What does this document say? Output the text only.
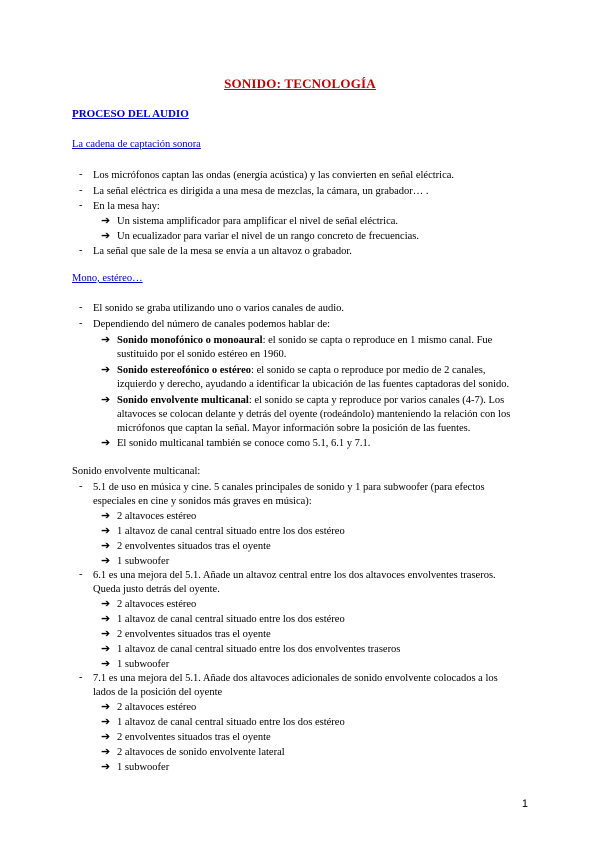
SONIDO: TECNOLOGÍA
PROCESO DEL AUDIO
La cadena de captación sonora
- Los micrófonos captan las ondas (energía acústica) y las convierten en señal eléctrica.
- La señal eléctrica es dirigida a una mesa de mezclas, la cámara, un grabador… .
- En la mesa hay:
➔ Un sistema amplificador para amplificar el nivel de señal eléctrica.
➔ Un ecualizador para variar el nivel de un rango concreto de frecuencias.
- La señal que sale de la mesa se envía a un altavoz o grabador.
Mono, estéreo…
- El sonido se graba utilizando uno o varios canales de audio.
- Dependiendo del número de canales podemos hablar de:
➔ Sonido monofónico o monoaural: el sonido se capta o reproduce en 1 mismo canal. Fue
sustituido por el sonido estéreo en 1960.
➔ Sonido estereofónico o estéreo: el sonido se capta o reproduce por medio de 2 canales,
izquierdo y derecho, ayudando a identificar la ubicación de las fuentes captadoras del sonido.
➔ Sonido envolvente multicanal: el sonido se capta y reproduce por varios canales (4-7). Los
altavoces se colocan delante y detrás del oyente (rodeándolo) manteniendo la relación con los
micrófonos que captan la señal. Mayor información sobre la posición de las fuentes.
➔ El sonido multicanal también se conoce como 5.1, 6.1 y 7.1.
Sonido envolvente multicanal:
- 5.1 de uso en música y cine. 5 canales principales de sonido y 1 para subwoofer (para efectos
especiales en cine y sonidos más graves en música):
➔ 2 altavoces estéreo
➔ 1 altavoz de canal central situado entre los dos estéreo
➔ 2 envolventes situados tras el oyente
➔ 1 subwoofer
- 6.1 es una mejora del 5.1. Añade un altavoz central entre los dos altavoces envolventes traseros.
Queda justo detrás del oyente.
➔ 2 altavoces estéreo
➔ 1 altavoz de canal central situado entre los dos estéreo
➔ 2 envolventes situados tras el oyente
➔ 1 altavoz de canal central situado entre los dos envolventes traseros
➔ 1 subwoofer
- 7.1 es una mejora del 5.1. Añade dos altavoces adicionales de sonido envolvente colocados a los
lados de la posición del oyente
➔ 2 altavoces estéreo
➔ 1 altavoz de canal central situado entre los dos estéreo
➔ 2 envolventes situados tras el oyente
➔ 2 altavoces de sonido envolvente lateral
➔ 1 subwoofer
1
